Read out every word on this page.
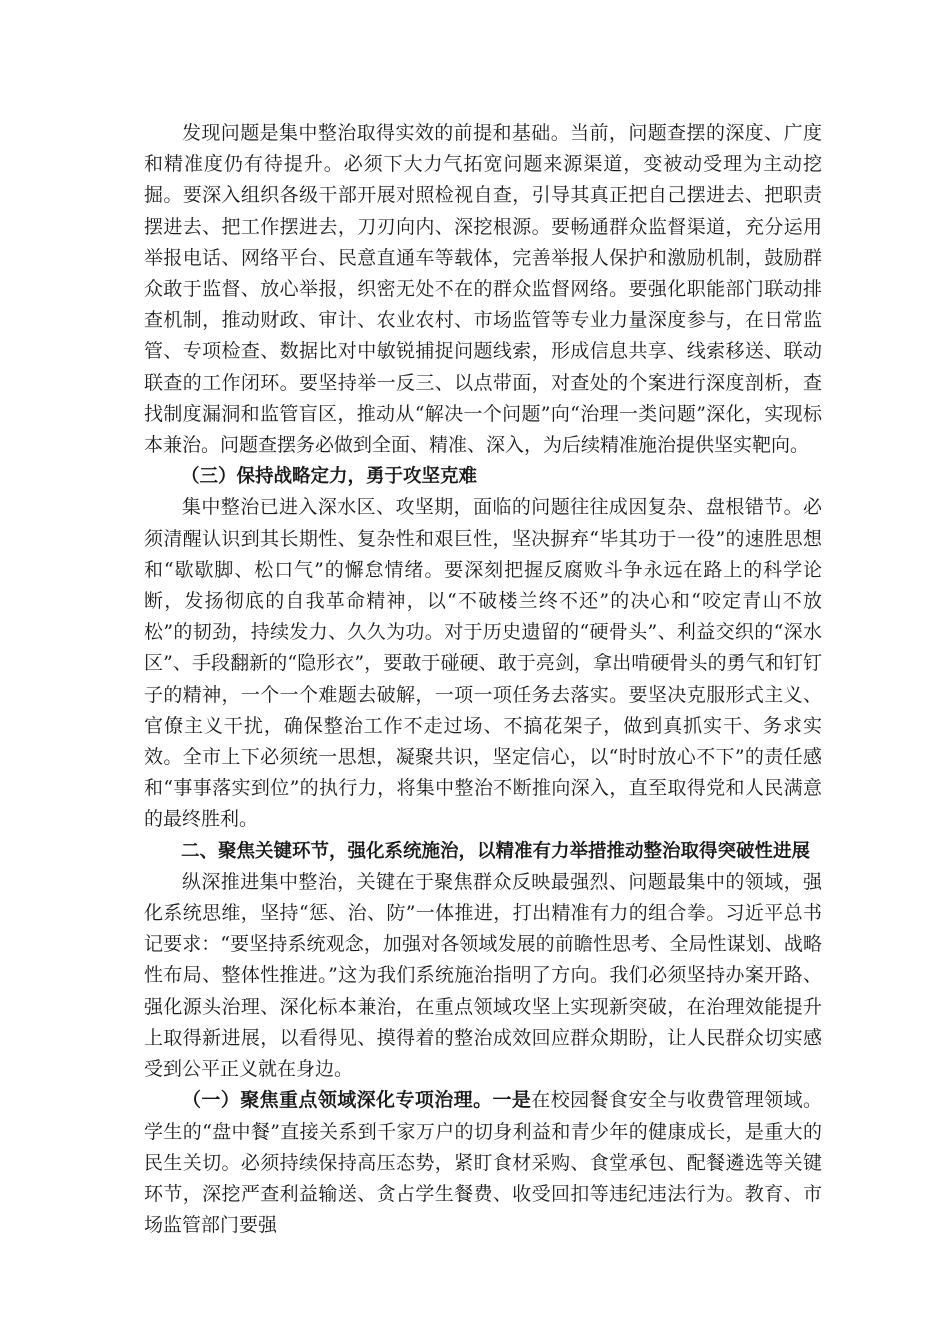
发现问题是集中整治取得实效的前提和基础。当前，问题查摆的深度、广度和精准度仍有待提升。必须下大力气拓宽问题来源渠道，变被动受理为主动挖掘。要深入组织各级干部开展对照检视自查，引导其真正把自己摆进去、把职责摆进去、把工作摆进去，刀刃向内、深挖根源。要畅通群众监督渠道，充分运用举报电话、网络平台、民意直通车等载体，完善举报人保护和激励机制，鼓励群众敢于监督、放心举报，织密无处不在的群众监督网络。要强化职能部门联动排查机制，推动财政、审计、农业农村、市场监管等专业力量深度参与，在日常监管、专项检查、数据比对中敏锐捕捉问题线索，形成信息共享、线索移送、联动联查的工作闭环。要坚持举一反三、以点带面，对查处的个案进行深度剖析，查找制度漏洞和监管盲区，推动从“解决一个问题”向“治理一类问题”深化，实现标本兼治。问题查摆务必做到全面、精准、深入，为后续精准施治提供坚实靶向。

（三）保持战略定力，勇于攻坚克难

集中整治已进入深水区、攻坚期，面临的问题往往成因复杂、盘根错节。必须清醒认识到其长期性、复杂性和艰巨性，坚决摒弃“毕其功于一役”的速胜思想和“歇歇脚、松口气”的懈怠情绪。要深刻把握反腐败斗争永远在路上的科学论断，发扬彻底的自我革命精神，以“不破楼兰终不还”的决心和“咬定青山不放松”的韧劲，持续发力、久久为功。对于历史遗留的“硬骨头”、利益交织的“深水区”、手段翻新的“隐形衣”，要敢于碰硬、敢于亮剑，拿出啃硬骨头的勇气和钉钉子的精神，一个一个难题去破解，一项一项任务去落实。要坚决克服形式主义、官僚主义干扰，确保整治工作不走过场、不搞花架子，做到真抓实干、务求实效。全市上下必须统一思想，凝聚共识，坚定信心，以“时时放心不下”的责任感和“事事落实到位”的执行力，将集中整治不断推向深入，直至取得党和人民满意的最终胜利。

二、聚焦关键环节，强化系统施治，以精准有力举措推动整治取得突破性进展

纵深推进集中整治，关键在于聚焦群众反映最强烈、问题最集中的领域，强化系统思维，坚持“惩、治、防”一体推进，打出精准有力的组合拳。习近平总书记要求：“要坚持系统观念，加强对各领域发展的前瞻性思考、全局性谋划、战略性布局、整体性推进。”这为我们系统施治指明了方向。我们必须坚持办案开路、强化源头治理、深化标本兼治，在重点领域攻坚上实现新突破，在治理效能提升上取得新进展，以看得见、摸得着的整治成效回应群众期盼，让人民群众切实感受到公平正义就在身边。

（一）聚焦重点领域深化专项治理。一是在校园餐食安全与收费管理领域。学生的“盘中餐”直接关系到千家万户的切身利益和青少年的健康成长，是重大的民生关切。必须持续保持高压态势，紧盯食材采购、食堂承包、配餐遴选等关键环节，深挖严查利益输送、贪占学生餐费、收受回扣等违纪违法行为。教育、市场监管部门要强
